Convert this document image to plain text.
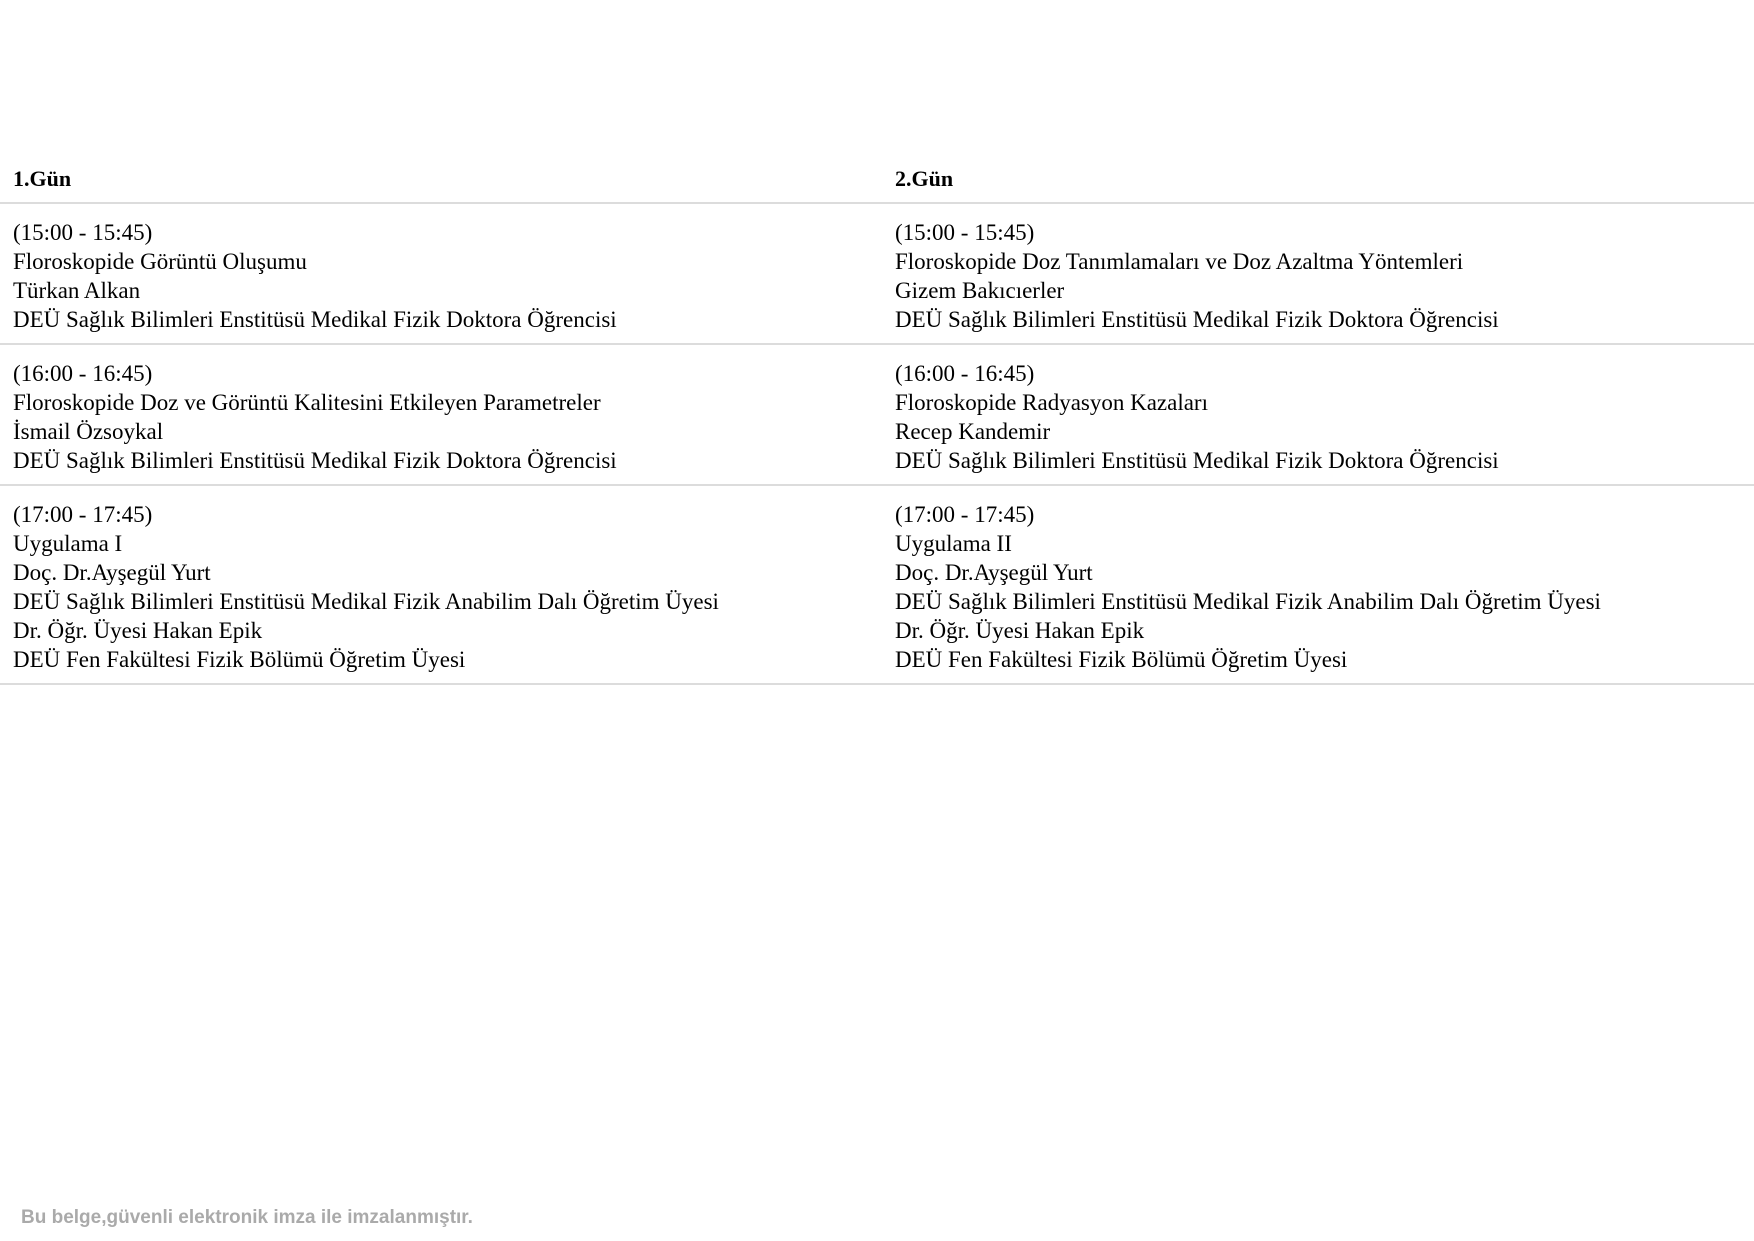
1.Gün	2.Gün
(15:00 - 15:45)
Floroskopide Görüntü Oluşumu
Türkan Alkan
DEÜ Sağlık Bilimleri Enstitüsü Medikal Fizik Doktora Öğrencisi
(15:00 - 15:45)
Floroskopide Doz Tanımlamaları ve Doz Azaltma Yöntemleri
Gizem Bakıcıerler
DEÜ Sağlık Bilimleri Enstitüsü Medikal Fizik Doktora Öğrencisi
(16:00 - 16:45)
Floroskopide Doz ve Görüntü Kalitesini Etkileyen Parametreler
İsmail Özsoykal
DEÜ Sağlık Bilimleri Enstitüsü Medikal Fizik Doktora Öğrencisi
(16:00 - 16:45)
Floroskopide Radyasyon Kazaları
Recep Kandemir
DEÜ Sağlık Bilimleri Enstitüsü Medikal Fizik Doktora Öğrencisi
(17:00 - 17:45)
Uygulama I
Doç. Dr.Ayşegül Yurt
DEÜ Sağlık Bilimleri Enstitüsü Medikal Fizik Anabilim Dalı Öğretim Üyesi
Dr. Öğr. Üyesi Hakan Epik
DEÜ Fen Fakültesi Fizik Bölümü Öğretim Üyesi
(17:00 - 17:45)
Uygulama II
Doç. Dr.Ayşegül Yurt
DEÜ Sağlık Bilimleri Enstitüsü Medikal Fizik Anabilim Dalı Öğretim Üyesi
Dr. Öğr. Üyesi Hakan Epik
DEÜ Fen Fakültesi Fizik Bölümü Öğretim Üyesi
Bu belge,güvenli elektronik imza ile imzalanmıştır.
